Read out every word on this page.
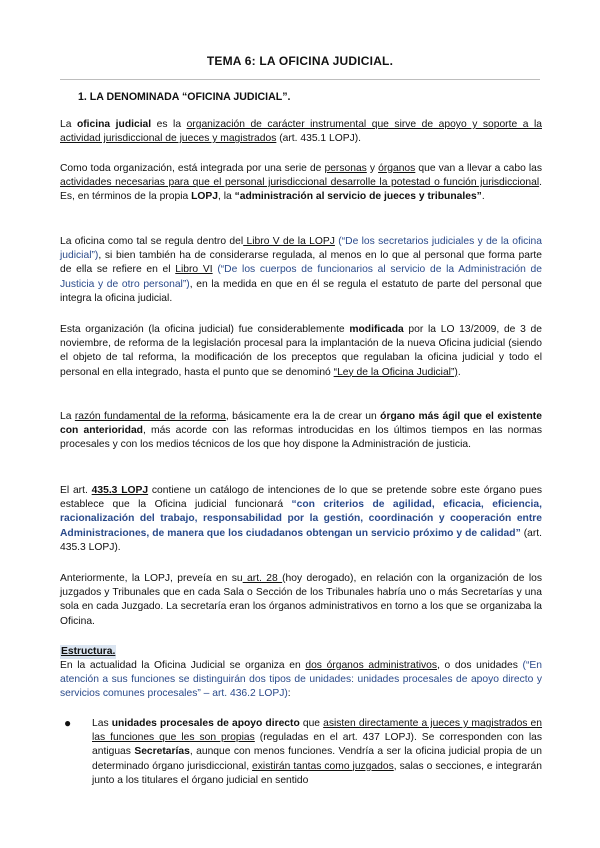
TEMA 6: LA OFICINA JUDICIAL.
1. LA DENOMINADA “OFICINA JUDICIAL”.
La oficina judicial es la organización de carácter instrumental que sirve de apoyo y soporte a la actividad jurisdiccional de jueces y magistrados (art. 435.1 LOPJ).
Como toda organización, está integrada por una serie de personas y órganos que van a llevar a cabo las actividades necesarias para que el personal jurisdiccional desarrolle la potestad o función jurisdiccional. Es, en términos de la propia LOPJ, la “administración al servicio de jueces y tribunales”.
La oficina como tal se regula dentro del Libro V de la LOPJ (“De los secretarios judiciales y de la oficina judicial”), si bien también ha de considerarse regulada, al menos en lo que al personal que forma parte de ella se refiere en el Libro VI (“De los cuerpos de funcionarios al servicio de la Administración de Justicia y de otro personal”), en la medida en que en él se regula el estatuto de parte del personal que integra la oficina judicial.
Esta organización (la oficina judicial) fue considerablemente modificada por la LO 13/2009, de 3 de noviembre, de reforma de la legislación procesal para la implantación de la nueva Oficina judicial (siendo el objeto de tal reforma, la modificación de los preceptos que regulaban la oficina judicial y todo el personal en ella integrado, hasta el punto que se denominó “Ley de la Oficina Judicial”).
La razón fundamental de la reforma, básicamente era la de crear un órgano más ágil que el existente con anterioridad, más acorde con las reformas introducidas en los últimos tiempos en las normas procesales y con los medios técnicos de los que hoy dispone la Administración de justicia.
El art. 435.3 LOPJ contiene un catálogo de intenciones de lo que se pretende sobre este órgano pues establece que la Oficina judicial funcionará “con criterios de agilidad, eficacia, eficiencia, racionalización del trabajo, responsabilidad por la gestión, coordinación y cooperación entre Administraciones, de manera que los ciudadanos obtengan un servicio próximo y de calidad” (art. 435.3 LOPJ).
Anteriormente, la LOPJ, preveía en su art. 28 (hoy derogado), en relación con la organización de los juzgados y Tribunales que en cada Sala o Sección de los Tribunales habría uno o más Secretarías y una sola en cada Juzgado. La secretaría eran los órganos administrativos en torno a los que se organizaba la Oficina.
Estructura.
En la actualidad la Oficina Judicial se organiza en dos órganos administrativos, o dos unidades (“En atención a sus funciones se distinguirán dos tipos de unidades: unidades procesales de apoyo directo y servicios comunes procesales” – art. 436.2 LOPJ):
● Las unidades procesales de apoyo directo que asisten directamente a jueces y magistrados en las funciones que les son propias (reguladas en el art. 437 LOPJ). Se corresponden con las antiguas Secretarías, aunque con menos funciones. Vendría a ser la oficina judicial propia de un determinado órgano jurisdiccional, existirán tantas como juzgados, salas o secciones, e integrarán junto a los titulares el órgano judicial en sentido
